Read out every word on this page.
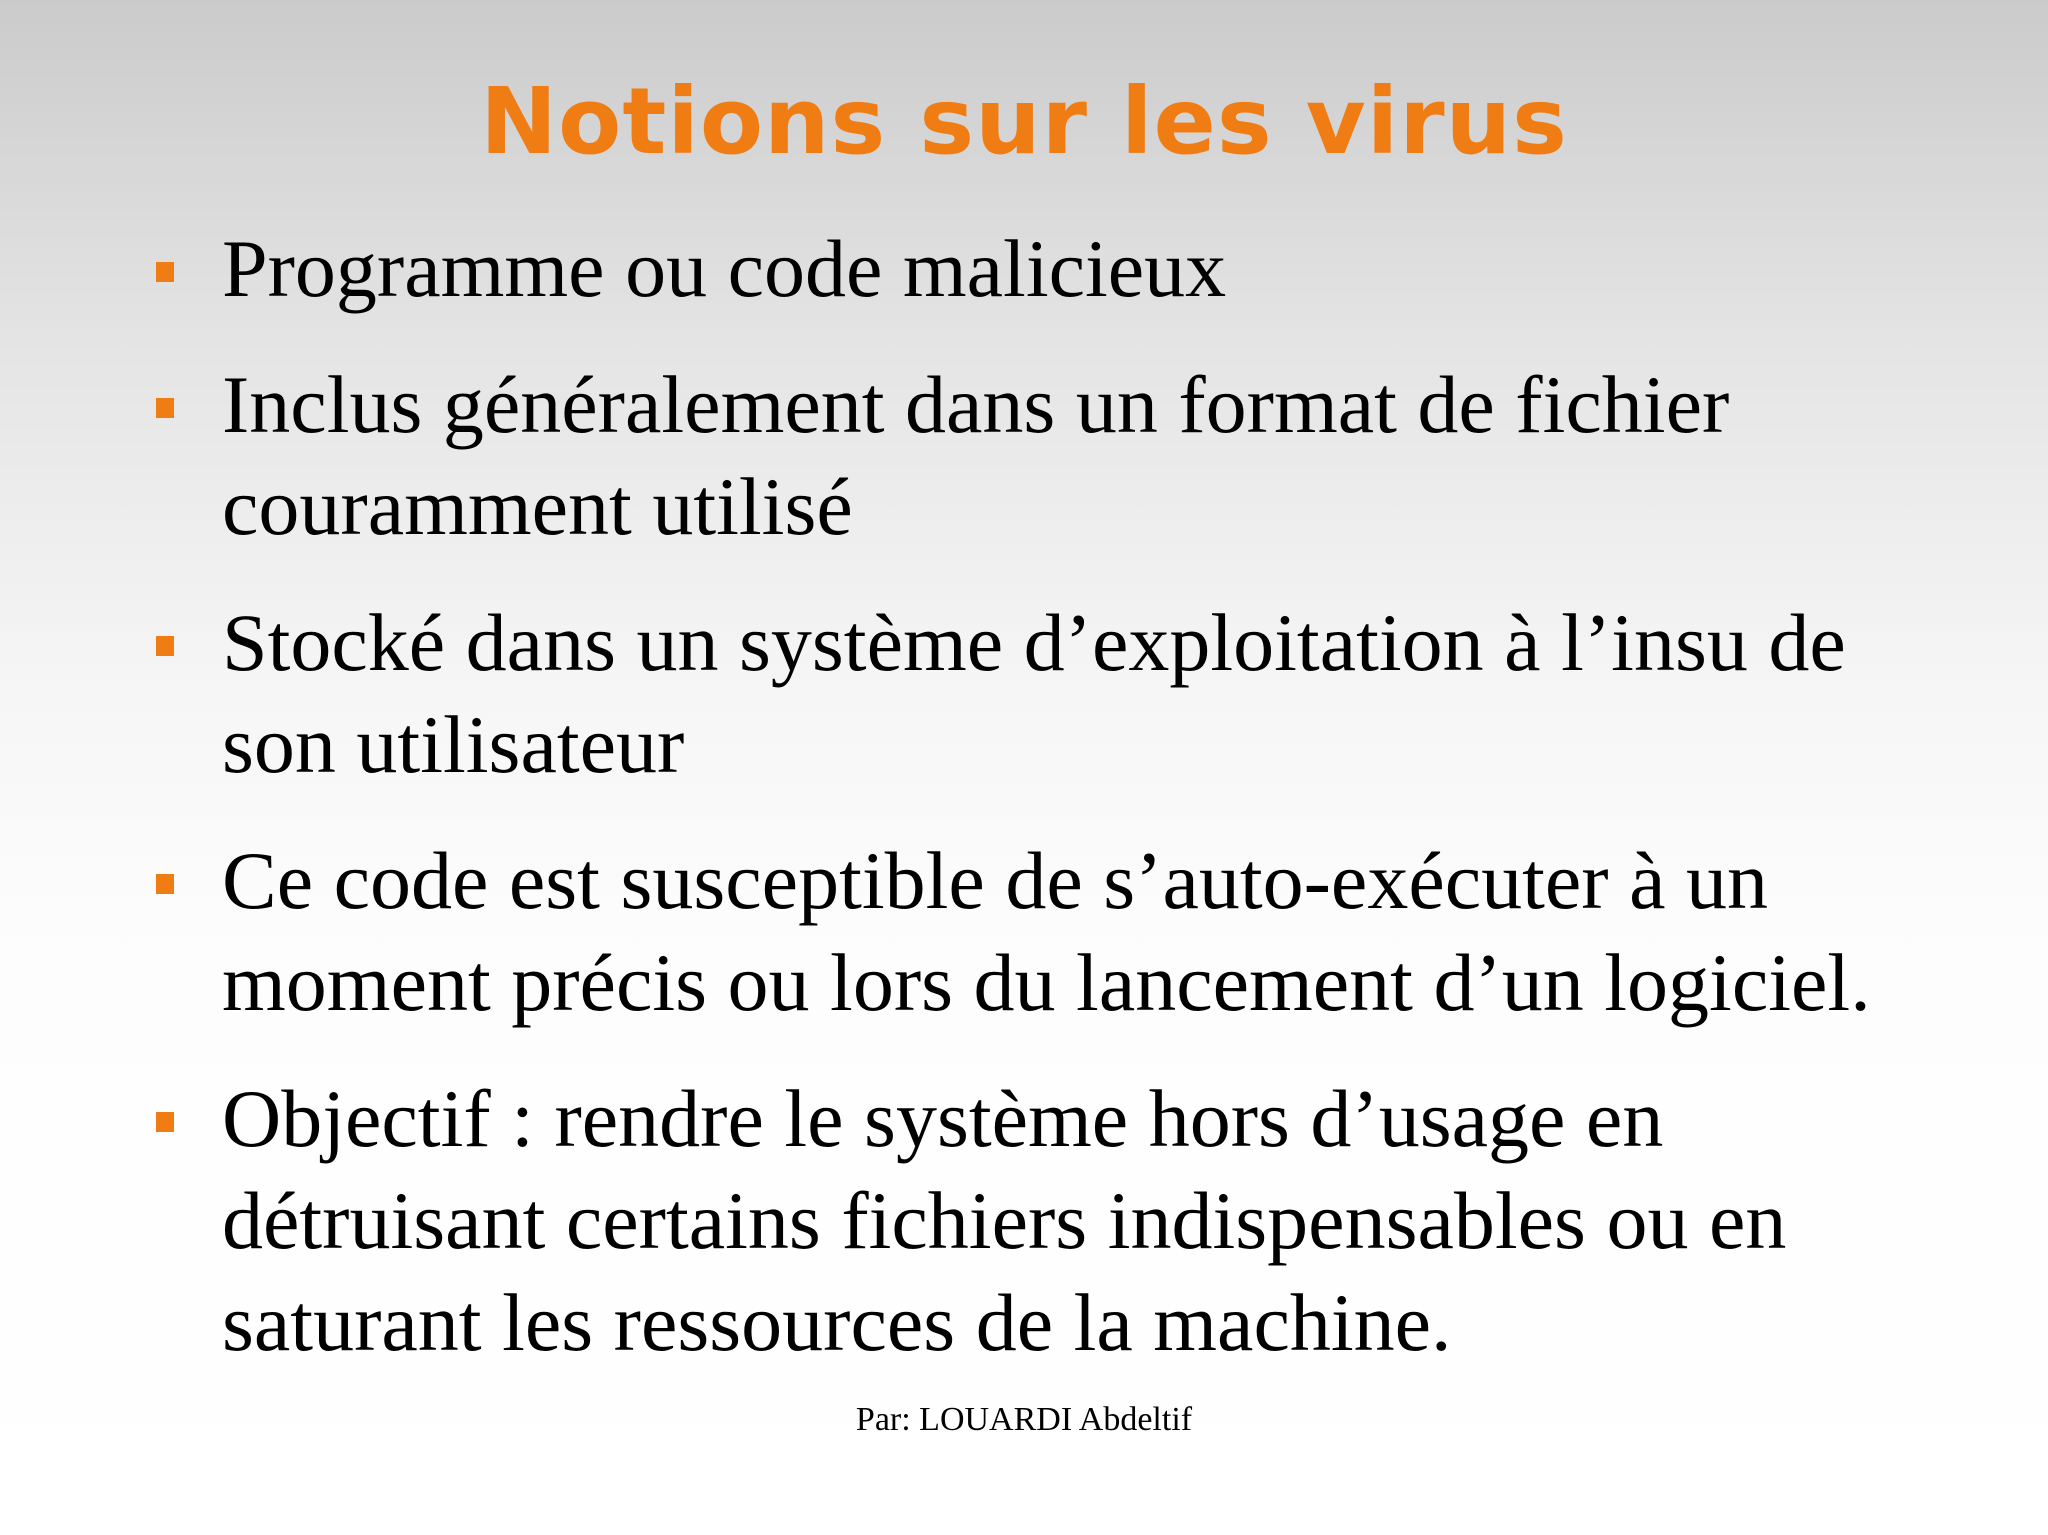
Notions sur les virus
Programme ou code malicieux
Inclus généralement dans un format de fichier
couramment utilisé
Stocké dans un système d’exploitation à l’insu de
son utilisateur
Ce code est susceptible de s’auto-exécuter à un
moment précis ou lors du lancement d’un logiciel.
Objectif : rendre le système hors d’usage en
détruisant certains fichiers indispensables ou en
saturant les ressources de la machine.
Par: LOUARDI Abdeltif
